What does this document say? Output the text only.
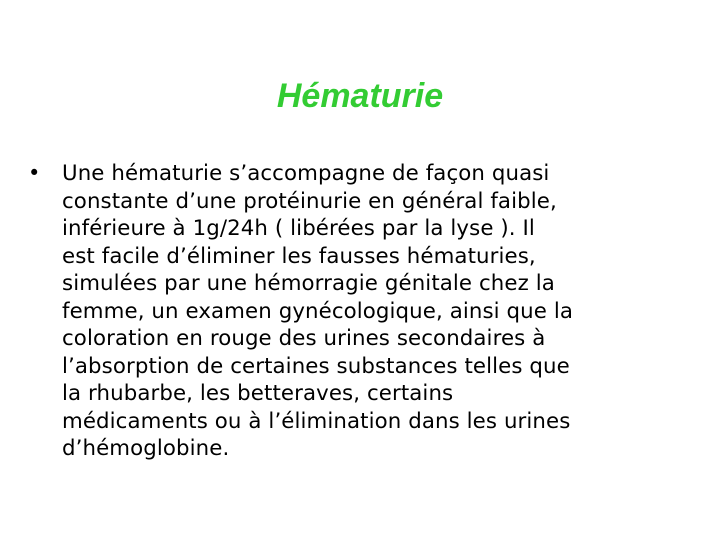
Hématurie
•	Une hématurie s’accompagne de façon quasi
constante d’une protéinurie en général faible,
inférieure à 1g/24h ( libérées par la lyse ). Il
est facile d’éliminer les fausses hématuries,
simulées par une hémorragie génitale chez la
femme, un examen gynécologique, ainsi que la
coloration en rouge des urines secondaires à
l’absorption de certaines substances telles que
la rhubarbe, les betteraves, certains
médicaments ou à l’élimination dans les urines
d’hémoglobine.
